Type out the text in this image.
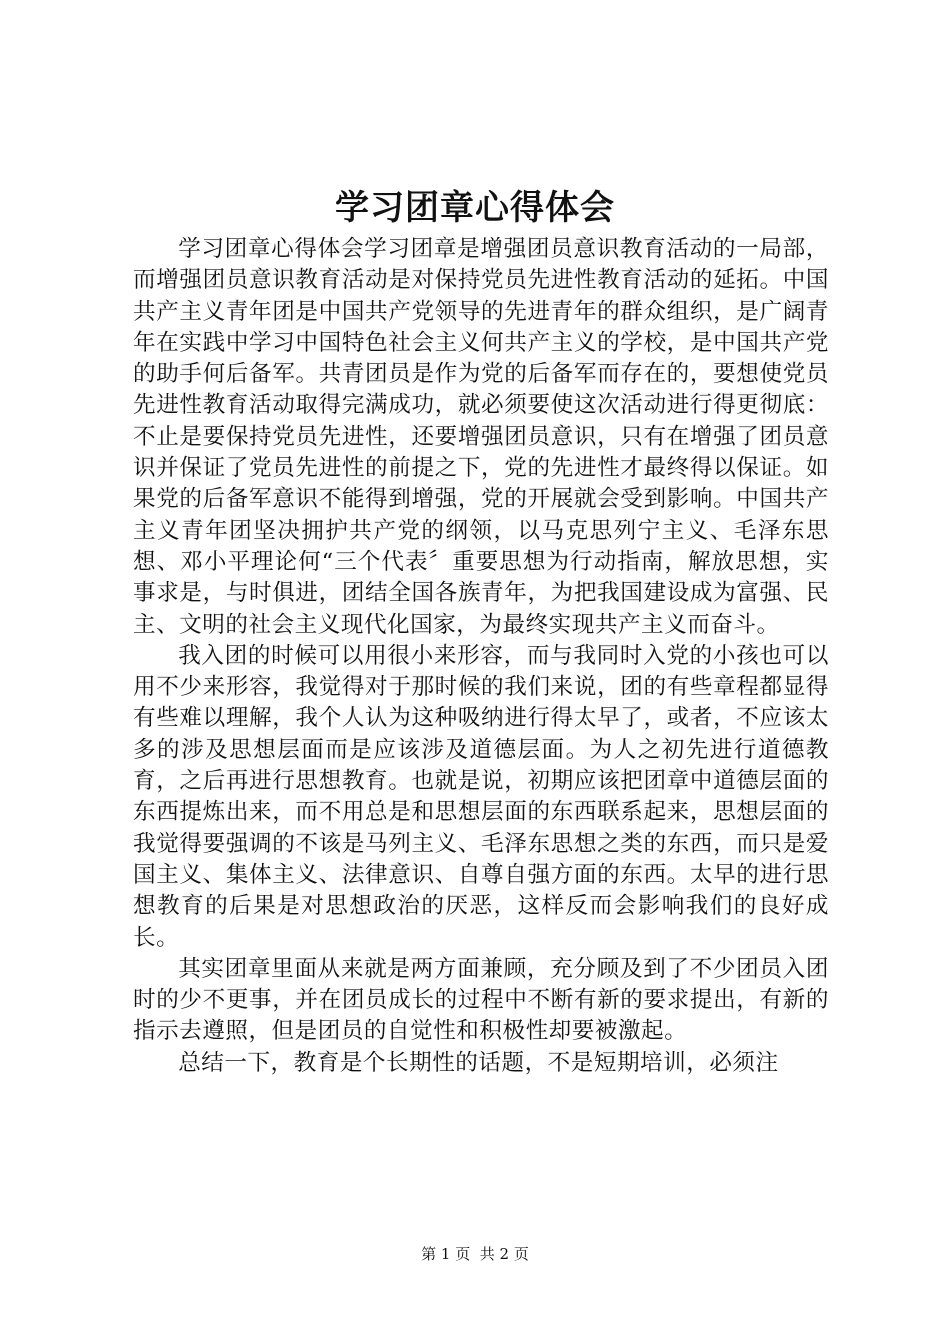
学习团章心得体会

学习团章心得体会学习团章是增强团员意识教育活动的一局部，而增强团员意识教育活动是对保持党员先进性教育活动的延拓。中国共产主义青年团是中国共产党领导的先进青年的群众组织，是广阔青年在实践中学习中国特色社会主义何共产主义的学校，是中国共产党的助手何后备军。共青团员是作为党的后备军而存在的，要想使党员先进性教育活动取得完满成功，就必须要使这次活动进行得更彻底：不止是要保持党员先进性，还要增强团员意识，只有在增强了团员意识并保证了党员先进性的前提之下，党的先进性才最终得以保证。如果党的后备军意识不能得到增强，党的开展就会受到影响。中国共产主义青年团坚决拥护共产党的纲领，以马克思列宁主义、毛泽东思想、邓小平理论何“三个代表〞重要思想为行动指南，解放思想，实事求是，与时俱进，团结全国各族青年，为把我国建设成为富强、民主、文明的社会主义现代化国家，为最终实现共产主义而奋斗。

我入团的时候可以用很小来形容，而与我同时入党的小孩也可以用不少来形容，我觉得对于那时候的我们来说，团的有些章程都显得有些难以理解，我个人认为这种吸纳进行得太早了，或者，不应该太多的涉及思想层面而是应该涉及道德层面。为人之初先进行道德教育，之后再进行思想教育。也就是说，初期应该把团章中道德层面的东西提炼出来，而不用总是和思想层面的东西联系起来，思想层面的我觉得要强调的不该是马列主义、毛泽东思想之类的东西，而只是爱国主义、集体主义、法律意识、自尊自强方面的东西。太早的进行思想教育的后果是对思想政治的厌恶，这样反而会影响我们的良好成长。

其实团章里面从来就是两方面兼顾，充分顾及到了不少团员入团时的少不更事，并在团员成长的过程中不断有新的要求提出，有新的指示去遵照，但是团员的自觉性和积极性却要被激起。

总结一下，教育是个长期性的话题，不是短期培训，必须注

第 1 页 共 2 页
